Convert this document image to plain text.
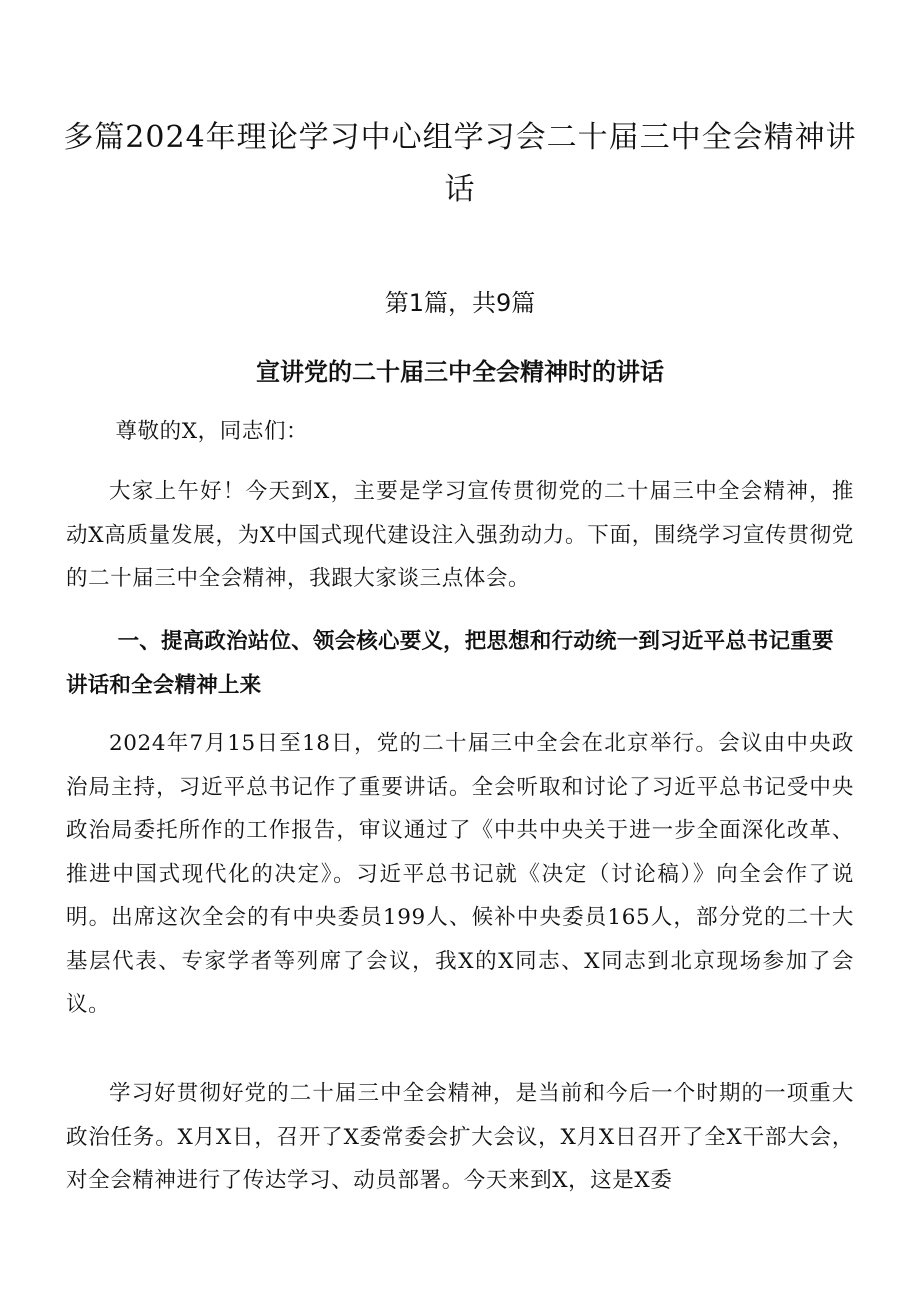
多篇2024年理论学习中心组学习会二十届三中全会精神讲话
第1篇，共9篇
宣讲党的二十届三中全会精神时的讲话

尊敬的X，同志们：

大家上午好！今天到X，主要是学习宣传贯彻党的二十届三中全会精神，推动X高质量发展，为X中国式现代建设注入强劲动力。下面，围绕学习宣传贯彻党的二十届三中全会精神，我跟大家谈三点体会。

一、提高政治站位、领会核心要义，把思想和行动统一到习近平总书记重要讲话和全会精神上来

2024年7月15日至18日，党的二十届三中全会在北京举行。会议由中央政治局主持，习近平总书记作了重要讲话。全会听取和讨论了习近平总书记受中央政治局委托所作的工作报告，审议通过了《中共中央关于进一步全面深化改革、推进中国式现代化的决定》。习近平总书记就《决定（讨论稿）》向全会作了说明。出席这次全会的有中央委员199人、候补中央委员165人，部分党的二十大基层代表、专家学者等列席了会议，我X的X同志、X同志到北京现场参加了会议。

学习好贯彻好党的二十届三中全会精神，是当前和今后一个时期的一项重大政治任务。X月X日，召开了X委常委会扩大会议，X月X日召开了全X干部大会，对全会精神进行了传达学习、动员部署。今天来到X，这是X委
